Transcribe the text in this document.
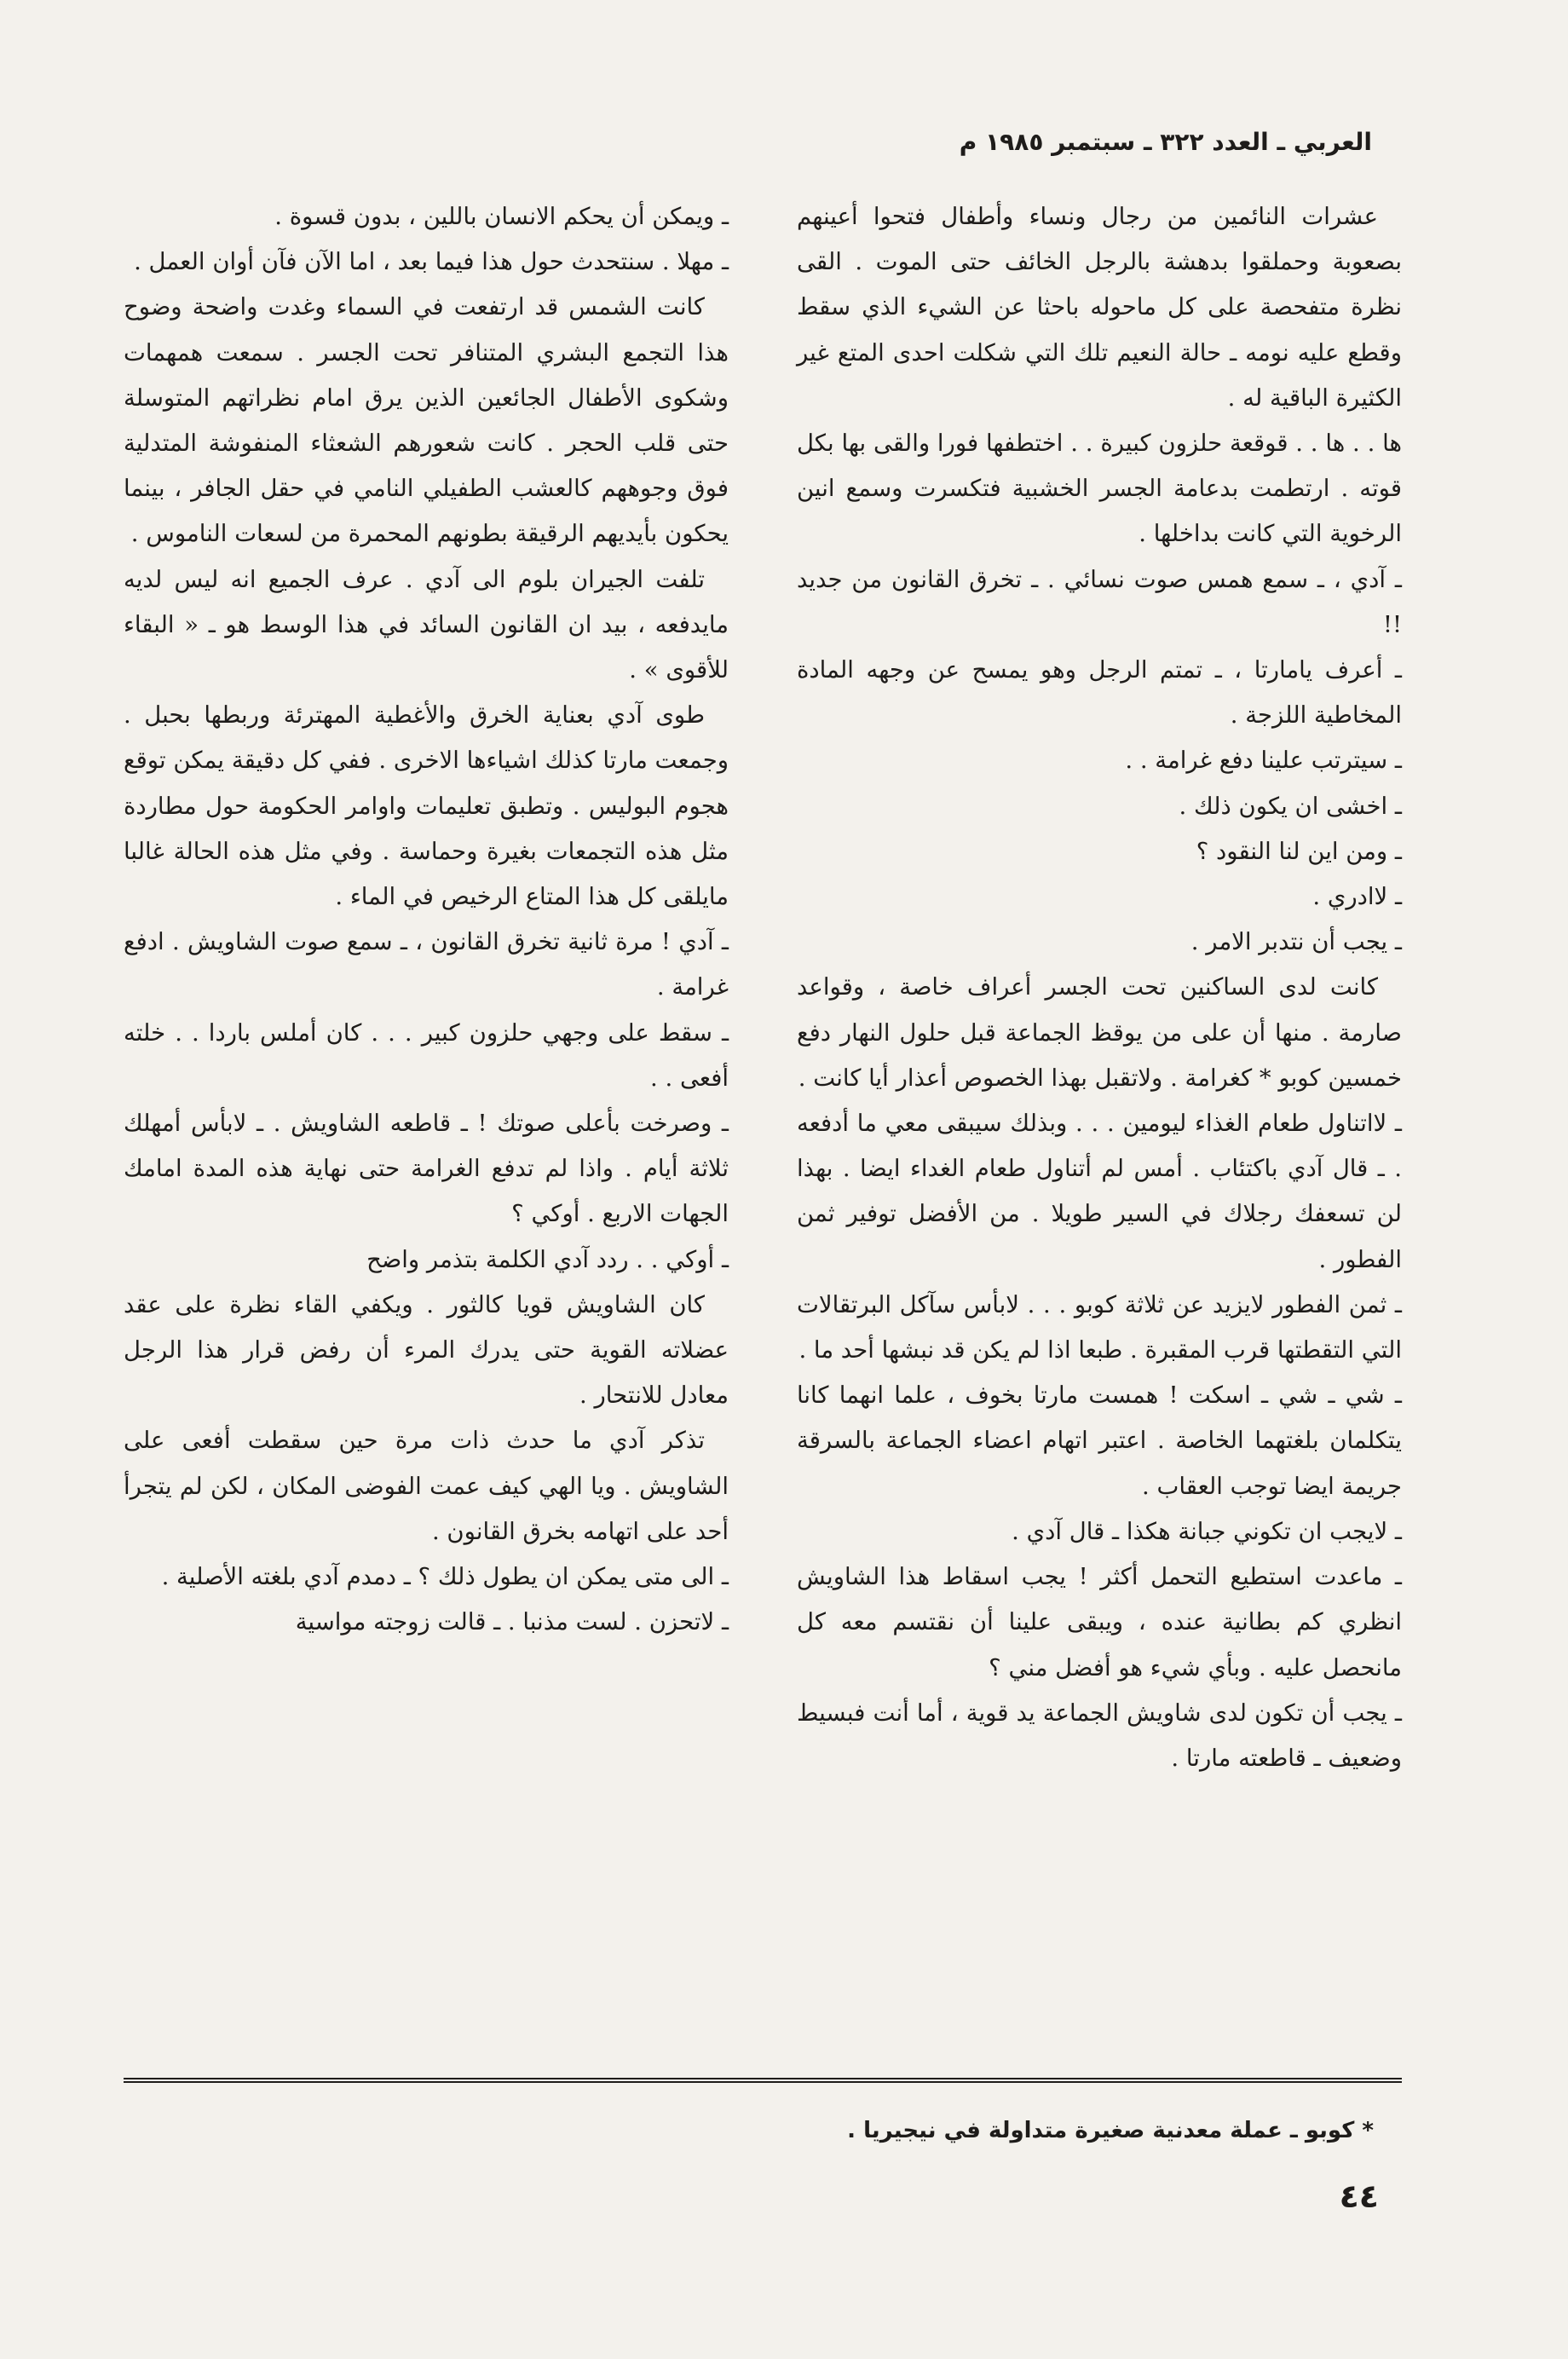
العربي ـ العدد ٣٢٢ ـ سبتمبر ١٩٨٥ م

عشرات النائمين من رجال ونساء وأطفال فتحوا أعينهم بصعوبة وحملقوا بدهشة بالرجل الخائف حتى الموت . القى نظرة متفحصة على كل ماحوله باحثا عن الشيء الذي سقط وقطع عليه نومه ـ حالة النعيم تلك التي شكلت احدى المتع غير الكثيرة الباقية له .

ها . . ها . . قوقعة حلزون كبيرة . . اختطفها فورا والقى بها بكل قوته . ارتطمت بدعامة الجسر الخشبية فتكسرت وسمع انين الرخوية التي كانت بداخلها .

ـ آدي ، ـ سمع همس صوت نسائي . ـ تخرق القانون من جديد !!

ـ أعرف يامارتا ، ـ تمتم الرجل وهو يمسح عن وجهه المادة المخاطية اللزجة .

ـ سيترتب علينا دفع غرامة . .

ـ اخشى ان يكون ذلك .

ـ ومن اين لنا النقود ؟

ـ لاادري .

ـ يجب أن نتدبر الامر .

كانت لدى الساكنين تحت الجسر أعراف خاصة ، وقواعد صارمة . منها أن على من يوقظ الجماعة قبل حلول النهار دفع خمسين كوبو * كغرامة . ولاتقبل بهذا الخصوص أعذار أيا كانت .

ـ لااتناول طعام الغذاء ليومين . . . وبذلك سيبقى معي ما أدفعه . ـ قال آدي باكتئاب . أمس لم أتناول طعام الغداء ايضا . بهذا لن تسعفك رجلاك في السير طويلا . من الأفضل توفير ثمن الفطور .

ـ ثمن الفطور لايزيد عن ثلاثة كوبو . . . لابأس سآكل البرتقالات التي التقطتها قرب المقبرة . طبعا اذا لم يكن قد نبشها أحد ما .

ـ شي ـ شي ـ اسكت ! همست مارتا بخوف ، علما انهما كانا يتكلمان بلغتهما الخاصة . اعتبر اتهام اعضاء الجماعة بالسرقة جريمة ايضا توجب العقاب .

ـ لايجب ان تكوني جبانة هكذا ـ قال آدي .

ـ ماعدت استطيع التحمل أكثر ! يجب اسقاط هذا الشاويش انظري كم بطانية عنده ، ويبقى علينا أن نقتسم معه كل مانحصل عليه . وبأي شيء هو أفضل مني ؟

ـ يجب أن تكون لدى شاويش الجماعة يد قوية ، أما أنت فبسيط وضعيف ـ قاطعته مارتا .

ـ ويمكن أن يحكم الانسان باللين ، بدون قسوة .

ـ مهلا . سنتحدث حول هذا فيما بعد ، اما الآن فآن أوان العمل .

كانت الشمس قد ارتفعت في السماء وغدت واضحة وضوح هذا التجمع البشري المتنافر تحت الجسر . سمعت همهمات وشكوى الأطفال الجائعين الذين يرق امام نظراتهم المتوسلة حتى قلب الحجر . كانت شعورهم الشعثاء المنفوشة المتدلية فوق وجوههم كالعشب الطفيلي النامي في حقل الجافر ، بينما يحكون بأيديهم الرقيقة بطونهم المحمرة من لسعات الناموس .

تلفت الجيران بلوم الى آدي . عرف الجميع انه ليس لديه مايدفعه ، بيد ان القانون السائد في هذا الوسط هو ـ « البقاء للأقوى » .

طوى آدي بعناية الخرق والأغطية المهترئة وربطها بحبل . وجمعت مارتا كذلك اشياءها الاخرى . ففي كل دقيقة يمكن توقع هجوم البوليس . وتطبق تعليمات واوامر الحكومة حول مطاردة مثل هذه التجمعات بغيرة وحماسة . وفي مثل هذه الحالة غالبا مايلقى كل هذا المتاع الرخيص في الماء .

ـ آدي ! مرة ثانية تخرق القانون ، ـ سمع صوت الشاويش . ادفع غرامة .

ـ سقط على وجهي حلزون كبير . . . كان أملس باردا . . خلته أفعى . .

ـ وصرخت بأعلى صوتك ! ـ قاطعه الشاويش . ـ لابأس أمهلك ثلاثة أيام . واذا لم تدفع الغرامة حتى نهاية هذه المدة امامك الجهات الاربع . أوكي ؟

ـ أوكي . . ردد آدي الكلمة بتذمر واضح

كان الشاويش قويا كالثور . ويكفي القاء نظرة على عقد عضلاته القوية حتى يدرك المرء أن رفض قرار هذا الرجل معادل للانتحار .

تذكر آدي ما حدث ذات مرة حين سقطت أفعى على الشاويش . ويا الهي كيف عمت الفوضى المكان ، لكن لم يتجرأ أحد على اتهامه بخرق القانون .

ـ الى متى يمكن ان يطول ذلك ؟ ـ دمدم آدي بلغته الأصلية .

ـ لاتحزن . لست مذنبا . ـ قالت زوجته مواسية

* كوبو ـ عملة معدنية صغيرة متداولة في نيجيريا .
٤٤
